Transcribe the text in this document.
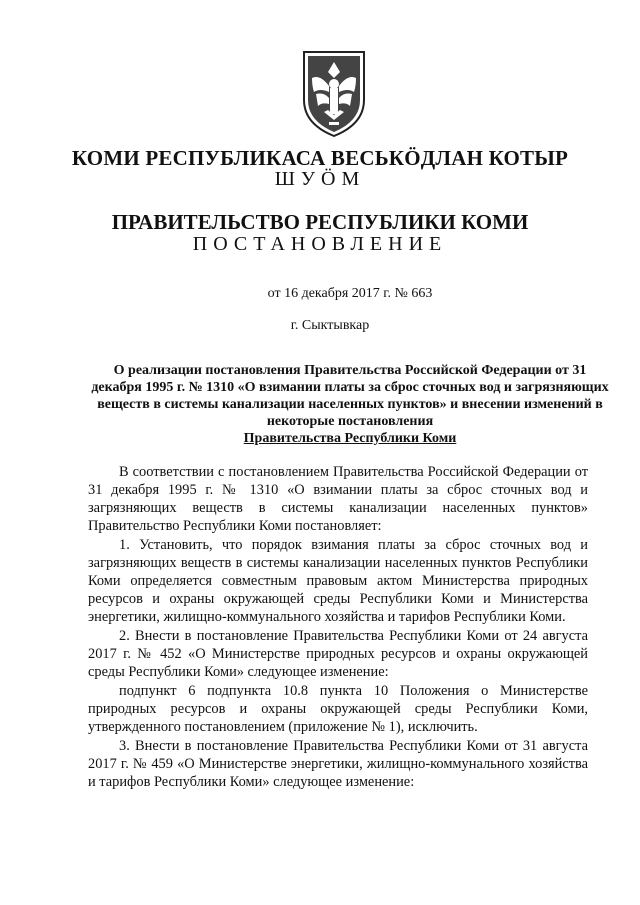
КОМИ РЕСПУБЛИКАСА ВЕСЬКÖДЛАН КОТЫР
ШУÖМ
ПРАВИТЕЛЬСТВО РЕСПУБЛИКИ КОМИ
ПОСТАНОВЛЕНИЕ
от 16 декабря 2017 г. № 663
г. Сыктывкар
О реализации постановления Правительства Российской Федерации от 31 декабря 1995 г. № 1310 «О взимании платы за сброс сточных вод и загрязняющих веществ в системы канализации населенных пунктов» и внесении изменений в некоторые постановления
Правительства Республики Коми

В соответствии с постановлением Правительства Российской Федерации от 31 декабря 1995 г. № 1310 «О взимании платы за сброс сточных вод и загрязняющих веществ в системы канализации населенных пунктов» Правительство Республики Коми постановляет:

1. Установить, что порядок взимания платы за сброс сточных вод и загрязняющих веществ в системы канализации населенных пунктов Республики Коми определяется совместным правовым актом Министерства природных ресурсов и охраны окружающей среды Республики Коми и Министерства энергетики, жилищно-коммунального хозяйства и тарифов Республики Коми.

2. Внести в постановление Правительства Республики Коми от 24 августа 2017 г. № 452 «О Министерстве природных ресурсов и охраны окружающей среды Республики Коми» следующее изменение:

подпункт 6 подпункта 10.8 пункта 10 Положения о Министерстве природных ресурсов и охраны окружающей среды Республики Коми, утвержденного постановлением (приложение № 1), исключить.

3. Внести в постановление Правительства Республики Коми от 31 августа 2017 г. № 459 «О Министерстве энергетики, жилищно-коммунального хозяйства и тарифов Республики Коми» следующее изменение:
